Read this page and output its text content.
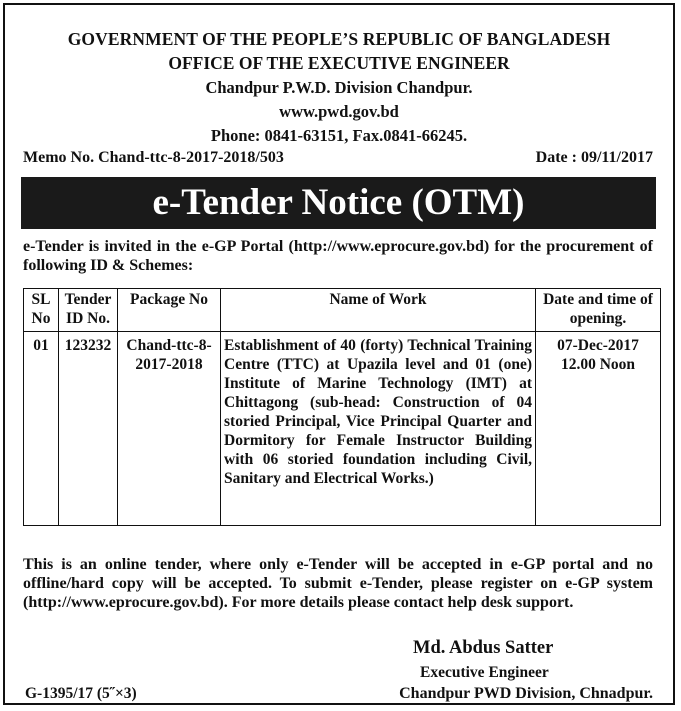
GOVERNMENT OF THE PEOPLE’S REPUBLIC OF BANGLADESH
OFFICE OF THE EXECUTIVE ENGINEER
Chandpur P.W.D. Division Chandpur.
www.pwd.gov.bd
Phone: 0841-63151, Fax.0841-66245.
Memo No. Chand-ttc-8-2017-2018/503	Date : 09/11/2017
e-Tender Notice (OTM)
e-Tender is invited in the e-GP Portal (http://www.eprocure.gov.bd) for the procurement of following ID & Schemes:
SL No	Tender ID No.	Package No	Name of Work	Date and time of opening.
01	123232	Chand-ttc-8-2017-2018	Establishment of 40 (forty) Technical Training Centre (TTC) at Upazila level and 01 (one) Institute of Marine Technology (IMT) at Chittagong (sub-head: Construction of 04 storied Principal, Vice Principal Quarter and Dormitory for Female Instructor Building with 06 storied foundation including Civil, Sanitary and Electrical Works.)	07-Dec-2017
12.00 Noon
This is an online tender, where only e-Tender will be accepted in e-GP portal and no offline/hard copy will be accepted. To submit e-Tender, please register on e-GP system (http://www.eprocure.gov.bd). For more details please contact help desk support.
Md. Abdus Satter
Executive Engineer
G-1395/17 (5˝×3)	Chandpur PWD Division, Chnadpur.
